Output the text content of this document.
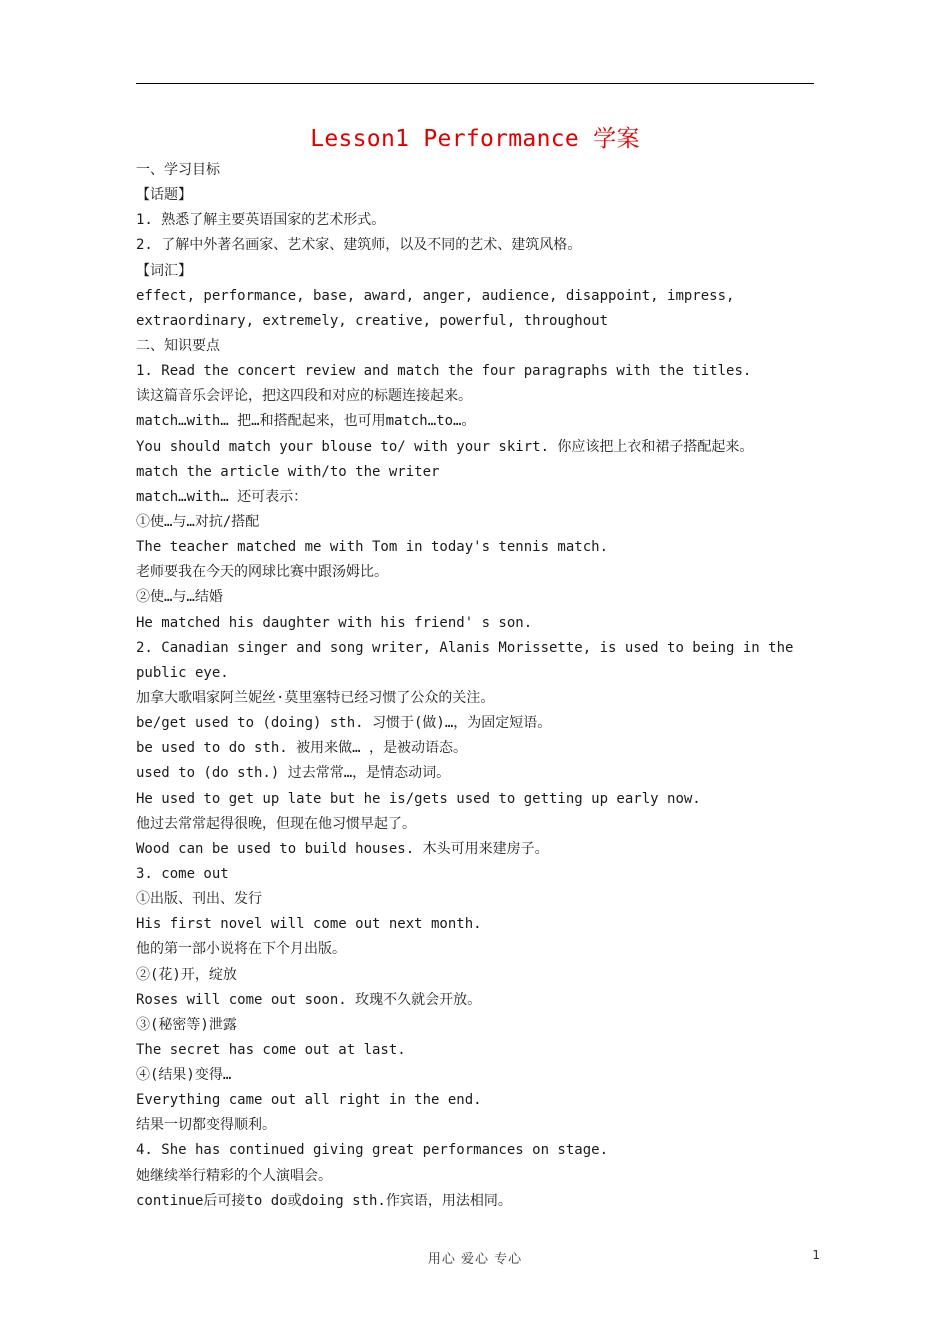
Lesson1 Performance 学案
一、学习目标
【话题】
1. 熟悉了解主要英语国家的艺术形式。
2. 了解中外著名画家、艺术家、建筑师，以及不同的艺术、建筑风格。
【词汇】
effect, performance, base, award, anger, audience, disappoint, impress,
extraordinary, extremely, creative, powerful, throughout
二、知识要点
1. Read the concert review and match the four paragraphs with the titles.
读这篇音乐会评论，把这四段和对应的标题连接起来。
match…with… 把…和搭配起来，也可用match…to…。
You should match your blouse to/ with your skirt. 你应该把上衣和裙子搭配起来。
match the article with/to the writer
match…with… 还可表示：
①使…与…对抗/搭配
The teacher matched me with Tom in today's tennis match.
老师要我在今天的网球比赛中跟汤姆比。
②使…与…结婚
He matched his daughter with his friend' s son.
2. Canadian singer and song writer, Alanis Morissette, is used to being in the
public eye.
加拿大歌唱家阿兰妮丝·莫里塞特已经习惯了公众的关注。
be/get used to (doing) sth. 习惯于(做)…，为固定短语。
be used to do sth. 被用来做… ，是被动语态。
used to (do sth.) 过去常常…，是情态动词。
He used to get up late but he is/gets used to getting up early now.
他过去常常起得很晚，但现在他习惯早起了。
Wood can be used to build houses. 木头可用来建房子。
3. come out
①出版、刊出、发行
His first novel will come out next month.
他的第一部小说将在下个月出版。
②(花)开，绽放
Roses will come out soon. 玫瑰不久就会开放。
③(秘密等)泄露
The secret has come out at last.
④(结果)变得…
Everything came out all right in the end.
结果一切都变得顺利。
4. She has continued giving great performances on stage.
她继续举行精彩的个人演唱会。
continue后可接to do或doing sth.作宾语，用法相同。
用心 爱心 专心	1
